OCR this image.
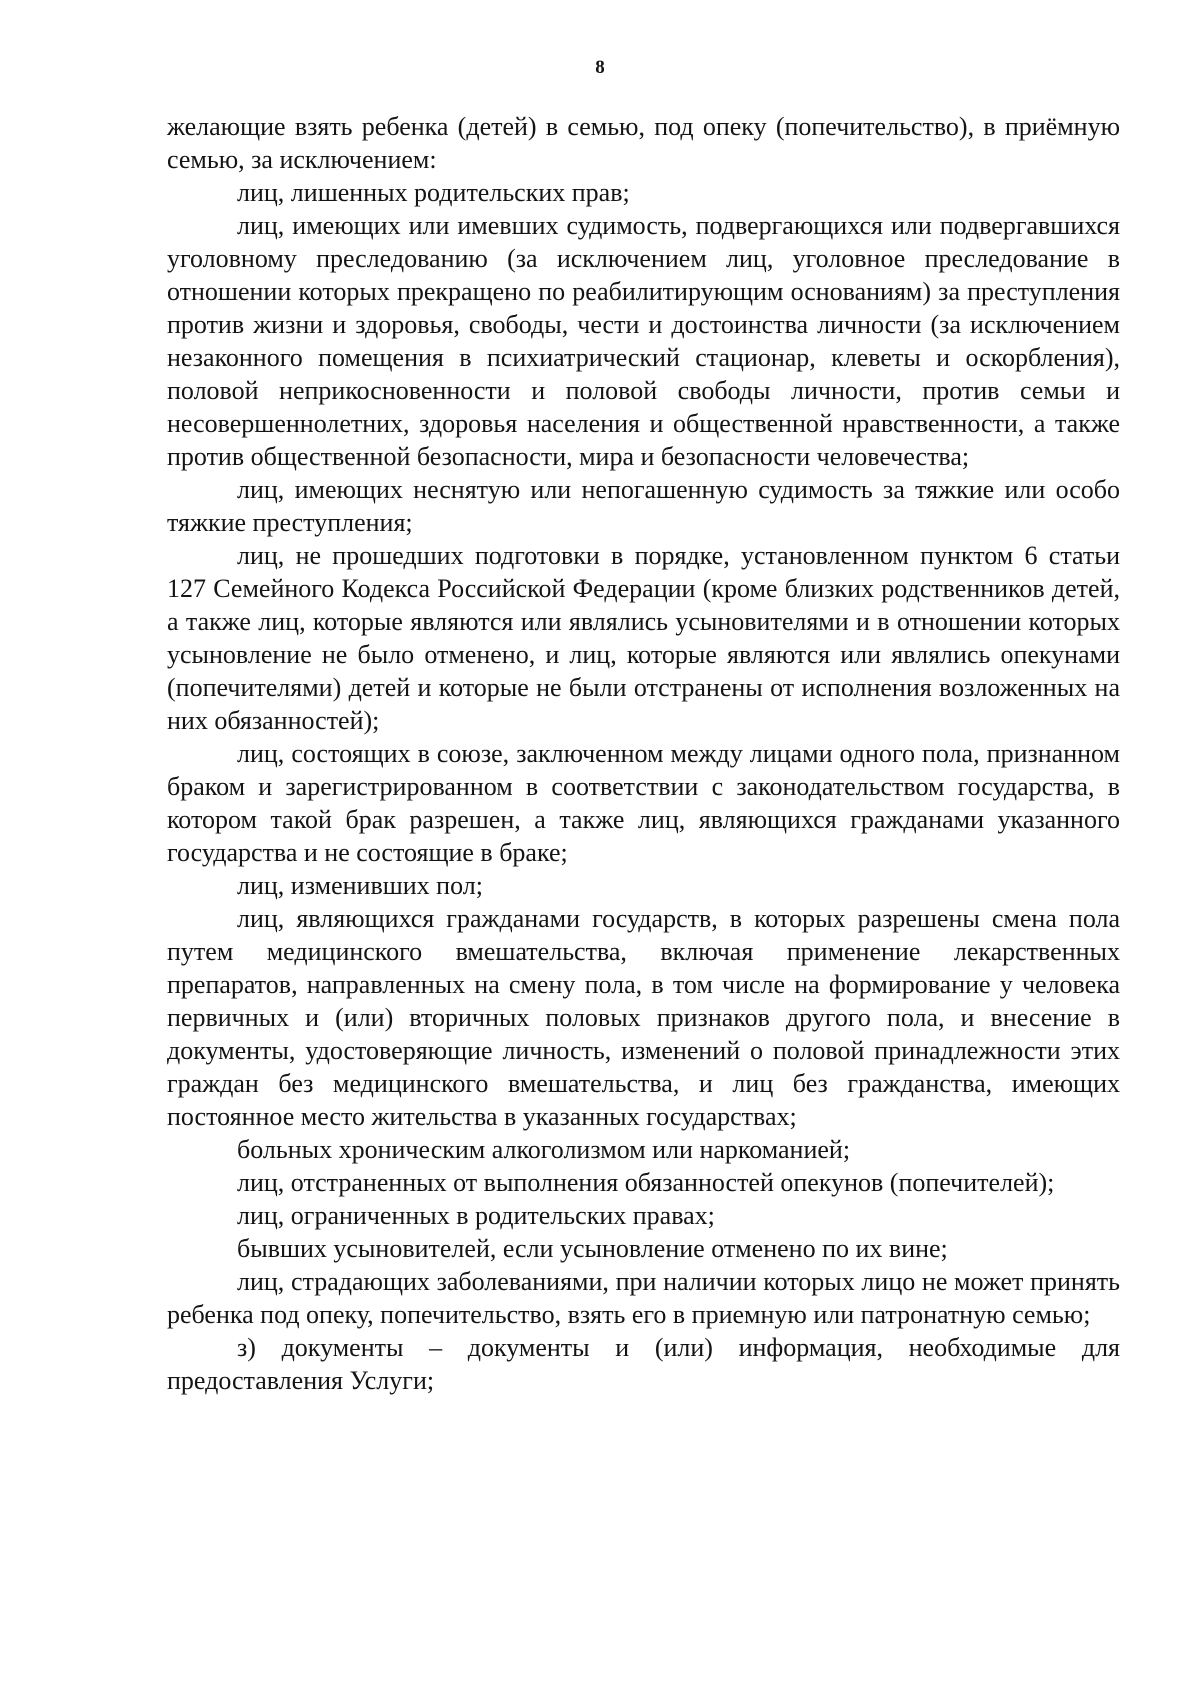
8

желающие взять ребенка (детей) в семью, под опеку (попечительство), в приёмную семью, за исключением:

лиц, лишенных родительских прав;

лиц, имеющих или имевших судимость, подвергающихся или подвергавшихся уголовному преследованию (за исключением лиц, уголовное преследование в отношении которых прекращено по реабилитирующим основаниям) за преступления против жизни и здоровья, свободы, чести и достоинства личности (за исключением незаконного помещения в психиатрический стационар, клеветы и оскорбления), половой неприкосновенности и половой свободы личности, против семьи и несовершеннолетних, здоровья населения и общественной нравственности, а также против общественной безопасности, мира и безопасности человечества;

лиц, имеющих неснятую или непогашенную судимость за тяжкие или особо тяжкие преступления;

лиц, не прошедших подготовки в порядке, установленном пунктом 6 статьи 127 Семейного Кодекса Российской Федерации (кроме близких родственников детей, а также лиц, которые являются или являлись усыновителями и в отношении которых усыновление не было отменено, и лиц, которые являются или являлись опекунами (попечителями) детей и которые не были отстранены от исполнения возложенных на них обязанностей);

лиц, состоящих в союзе, заключенном между лицами одного пола, признанном браком и зарегистрированном в соответствии с законодательством государства, в котором такой брак разрешен, а также лиц, являющихся гражданами указанного государства и не состоящие в браке;

лиц, изменивших пол;

лиц, являющихся гражданами государств, в которых разрешены смена пола путем медицинского вмешательства, включая применение лекарственных препаратов, направленных на смену пола, в том числе на формирование у человека первичных и (или) вторичных половых признаков другого пола, и внесение в документы, удостоверяющие личность, изменений о половой принадлежности этих граждан без медицинского вмешательства, и лиц без гражданства, имеющих постоянное место жительства в указанных государствах;

больных хроническим алкоголизмом или наркоманией;

лиц, отстраненных от выполнения обязанностей опекунов (попечителей);

лиц, ограниченных в родительских правах;

бывших усыновителей, если усыновление отменено по их вине;

лиц, страдающих заболеваниями, при наличии которых лицо не может принять ребенка под опеку, попечительство, взять его в приемную или патронатную семью;

з) документы – документы и (или) информация, необходимые для предоставления Услуги;
